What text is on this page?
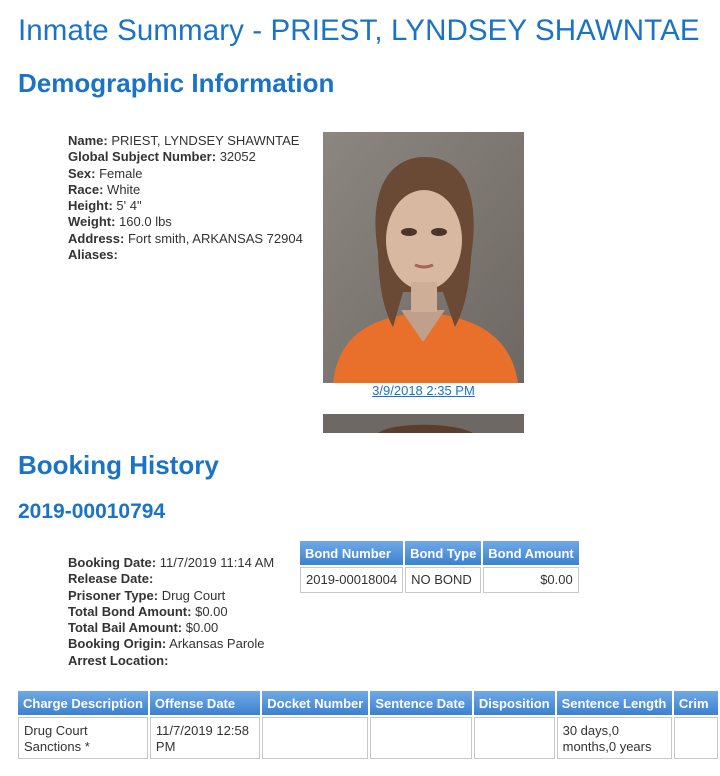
Inmate Summary - PRIEST, LYNDSEY SHAWNTAE
Demographic Information
Name: PRIEST, LYNDSEY SHAWNTAE
Global Subject Number: 32052
Sex: Female
Race: White
Height: 5' 4"
Weight: 160.0 lbs
Address: Fort smith, ARKANSAS 72904
Aliases:
3/9/2018 2:35 PM
Booking History
2019-00010794
Booking Date: 11/7/2019 11:14 AM
Release Date:
Prisoner Type: Drug Court
Total Bond Amount: $0.00
Total Bail Amount: $0.00
Booking Origin: Arkansas Parole
Arrest Location:
Bond Number	Bond Type	Bond Amount
2019-00018004	NO BOND	$0.00
Charge Description	Offense Date	Docket Number	Sentence Date	Disposition	Sentence Length	Crim
Drug Court Sanctions *	11/7/2019 12:58 PM				30 days,0 months,0 years	
